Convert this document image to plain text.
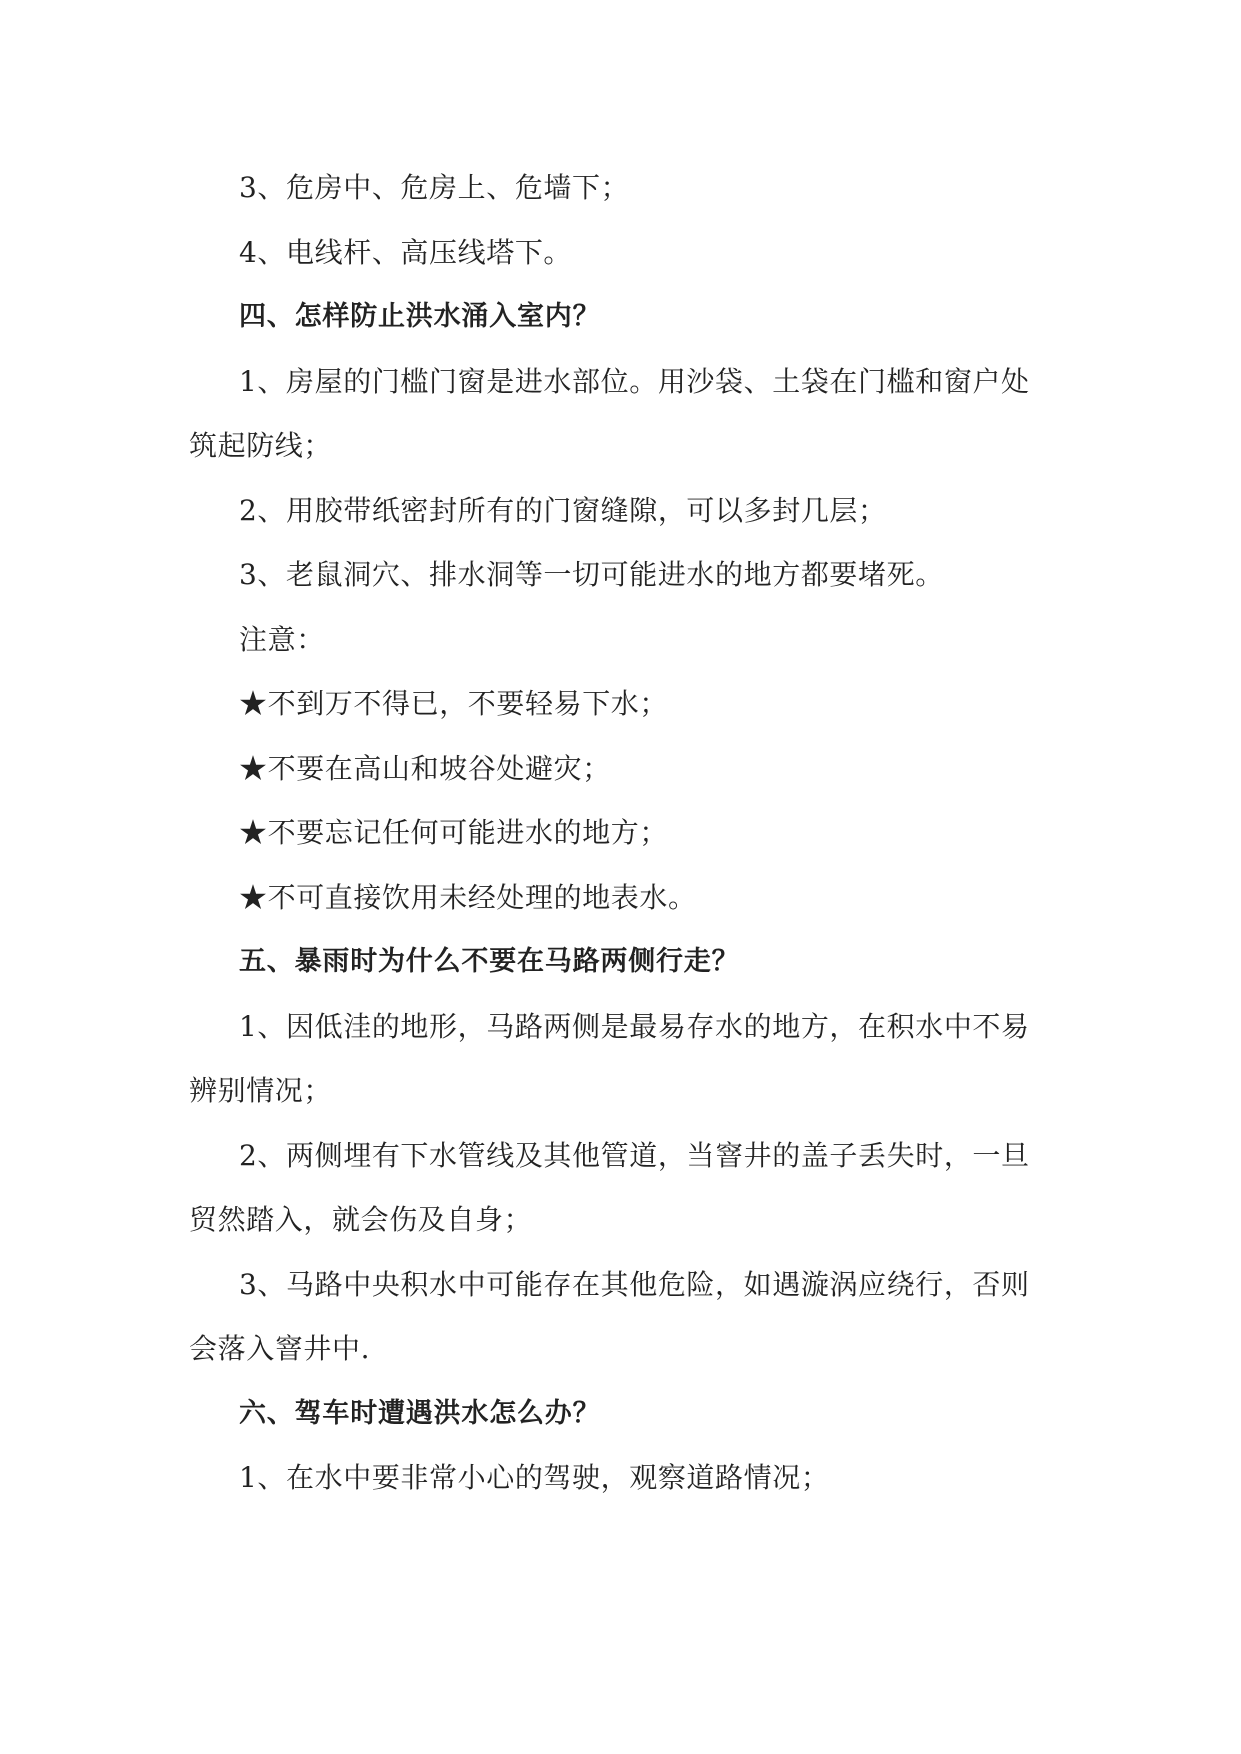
3、危房中、危房上、危墙下；

4、电线杆、高压线塔下。

四、怎样防止洪水涌入室内？

1、房屋的门槛门窗是进水部位。用沙袋、土袋在门槛和窗户处筑起防线；

2、用胶带纸密封所有的门窗缝隙，可以多封几层；

3、老鼠洞穴、排水洞等一切可能进水的地方都要堵死。

注意：

★不到万不得已，不要轻易下水；

★不要在高山和坡谷处避灾；

★不要忘记任何可能进水的地方；

★不可直接饮用未经处理的地表水。

五、暴雨时为什么不要在马路两侧行走？

1、因低洼的地形，马路两侧是最易存水的地方，在积水中不易辨别情况；

2、两侧埋有下水管线及其他管道，当窨井的盖子丢失时，一旦贸然踏入，就会伤及自身；

3、马路中央积水中可能存在其他危险，如遇漩涡应绕行，否则会落入窨井中.

六、驾车时遭遇洪水怎么办？

1、在水中要非常小心的驾驶，观察道路情况；
